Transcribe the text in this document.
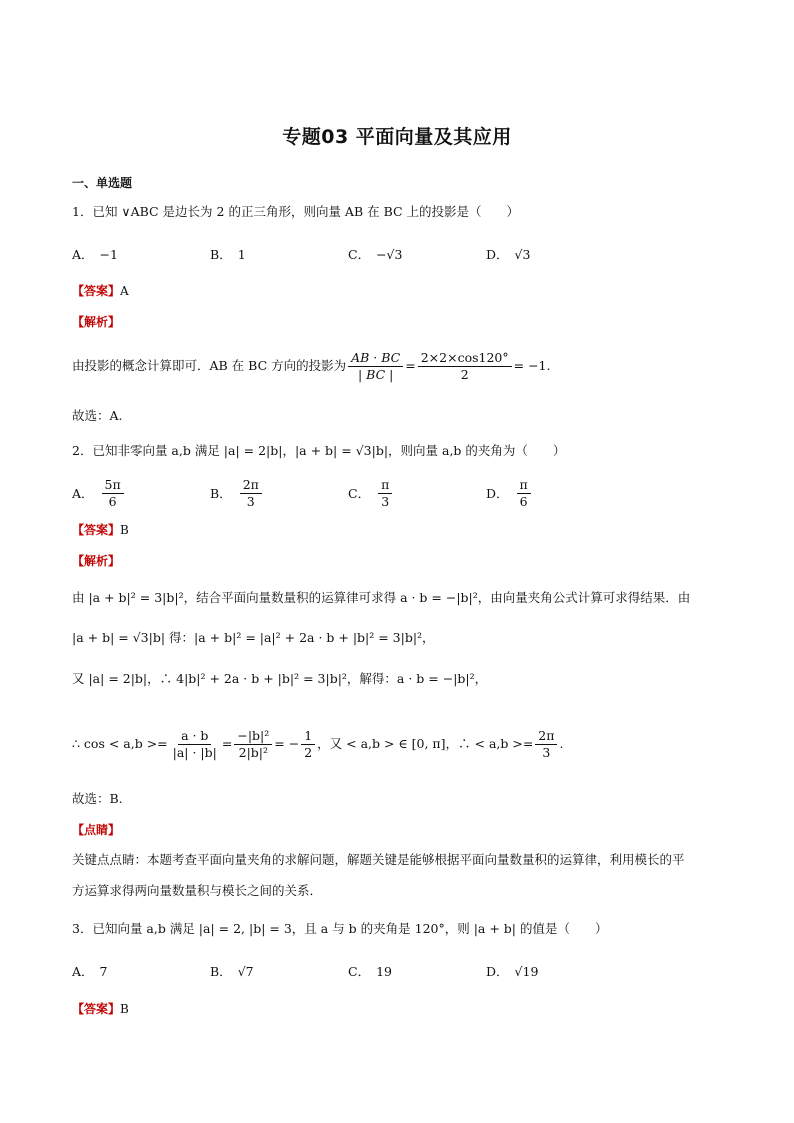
专题03 平面向量及其应用
一、单选题
1．已知 ∨ABC 是边长为 2 的正三角形，则向量 AB 在 BC 上的投影是（　　）
A． −1	B． 1	C． −√3	D． √3
【答案】A
【解析】
由投影的概念计算即可．AB 在 BC 方向的投影为 $\frac{AB \cdot BC}{| BC |} = \frac{2\times 2\times\cos 120^\circ}{2} = -1$.
故选：A.
2．已知非零向量 a,b 满足 |a| = 2|b|，|a + b| = √3|b|，则向量 a,b 的夹角为（　　）
A． $\frac{5\pi}{6}$	B． $\frac{2\pi}{3}$	C． $\frac{\pi}{3}$	D． $\frac{\pi}{6}$
【答案】B
【解析】
由 |a + b|² = 3|b|²，结合平面向量数量积的运算律可求得 a · b = −|b|²，由向量夹角公式计算可求得结果．由
|a + b| = √3|b| 得：|a + b|² = |a|² + 2a · b + |b|² = 3|b|²，
又 |a| = 2|b|，∴ 4|b|² + 2a · b + |b|² = 3|b|²，解得：a · b = −|b|²，
∴ $\cos < a,b >= \frac{a \cdot b}{|a| \cdot |b|} = \frac{\text{−|b|²}}{\text{2|b|²}}$ = − $\frac{1}{2}$ ，又 < a,b > ∈ [0, π]，∴ < $a,b >= \frac{2\pi}{3}$ .
故选：B.
【点睛】
关键点点睛：本题考查平面向量夹角的求解问题，解题关键是能够根据平面向量数量积的运算律，利用模长的平
方运算求得两向量数量积与模长之间的关系．
3．已知向量 a,b 满足 |a| = 2, |b| = 3，且 a 与 b 的夹角是 120°，则 |a + b| 的值是（　　）
A． 7	B． √7	C． 19	D． √19
【答案】B
